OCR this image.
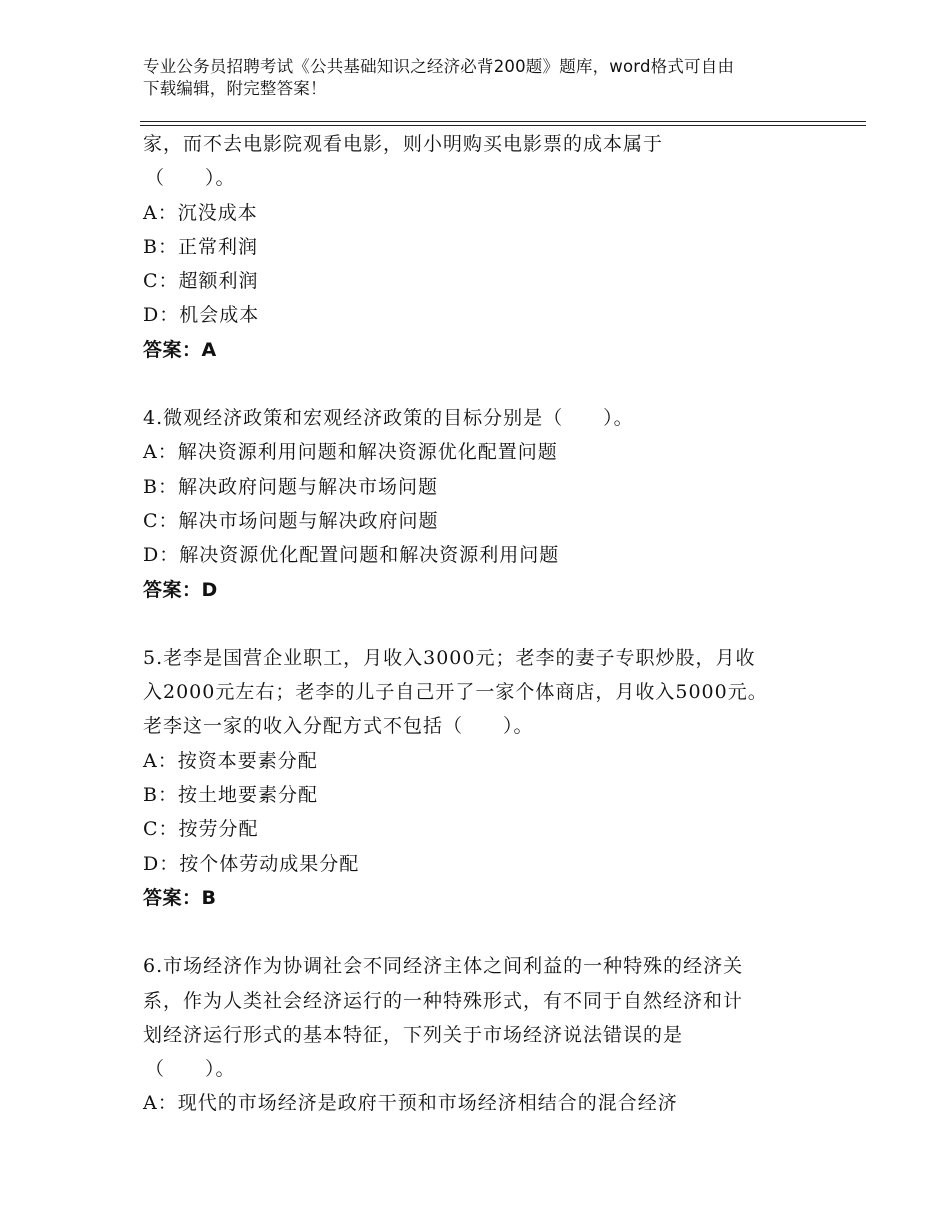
专业公务员招聘考试《公共基础知识之经济必背200题》题库，word格式可自由
下载编辑，附完整答案！
家，而不去电影院观看电影，则小明购买电影票的成本属于
（　　）。
A：沉没成本
B：正常利润
C：超额利润
D：机会成本
答案：A
4.微观经济政策和宏观经济政策的目标分别是（　　）。
A：解决资源利用问题和解决资源优化配置问题
B：解决政府问题与解决市场问题
C：解决市场问题与解决政府问题
D：解决资源优化配置问题和解决资源利用问题
答案：D
5.老李是国营企业职工，月收入3000元；老李的妻子专职炒股，月收
入2000元左右；老李的儿子自己开了一家个体商店，月收入5000元。
老李这一家的收入分配方式不包括（　　）。
A：按资本要素分配
B：按土地要素分配
C：按劳分配
D：按个体劳动成果分配
答案：B
6.市场经济作为协调社会不同经济主体之间利益的一种特殊的经济关
系，作为人类社会经济运行的一种特殊形式，有不同于自然经济和计
划经济运行形式的基本特征，下列关于市场经济说法错误的是
（　　）。
A：现代的市场经济是政府干预和市场经济相结合的混合经济
